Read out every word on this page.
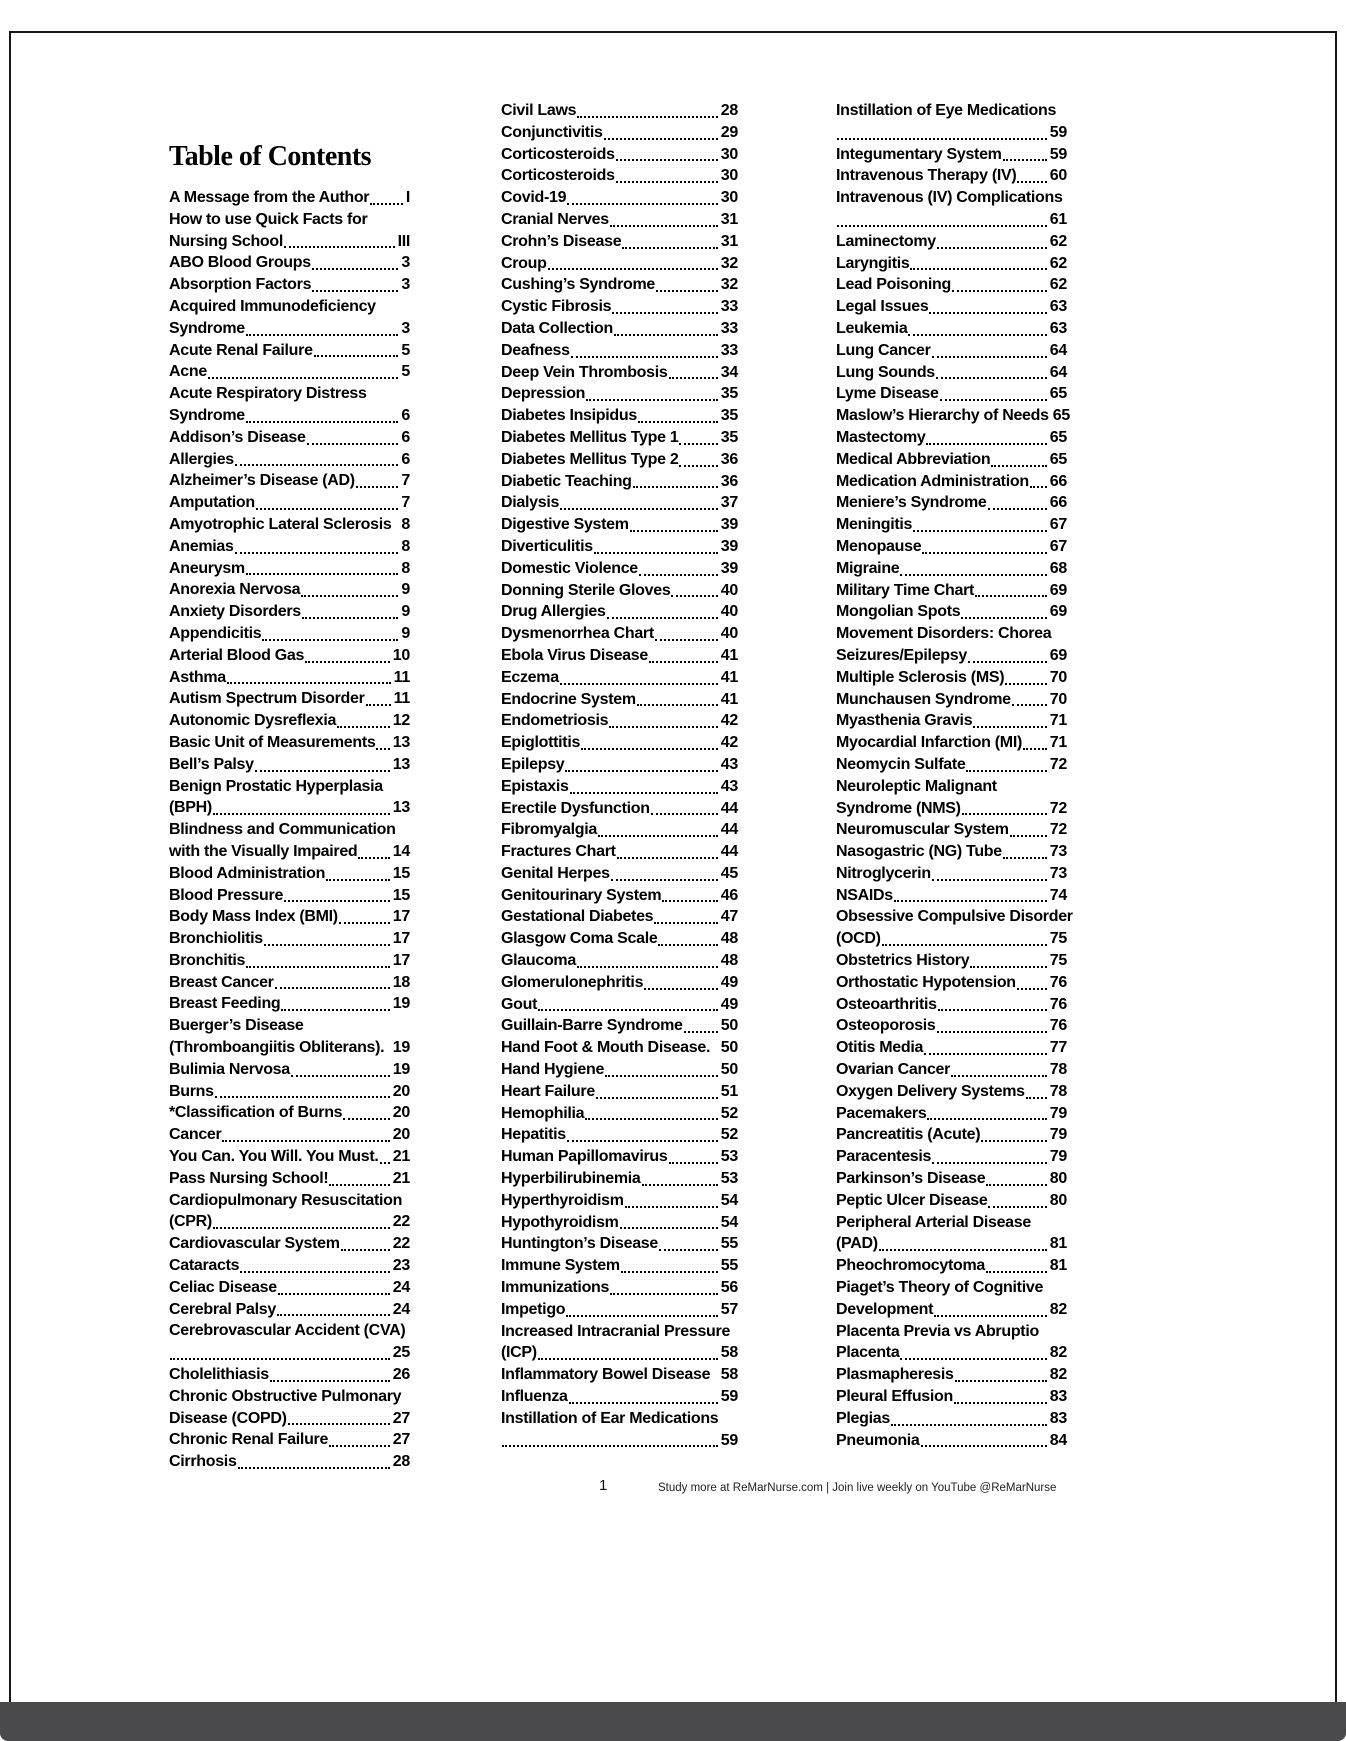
Table of Contents
A Message from the Author I
How to use Quick Facts for
Nursing School	III
ABO Blood Groups	3
Absorption Factors	3
Acquired Immunodeficiency
Syndrome	3
Acute Renal Failure	5
Acne	5
Acute Respiratory Distress
Syndrome	6
Addison’s Disease	6
Allergies	6
Alzheimer’s Disease (AD)	7
Amputation	7
Amyotrophic Lateral Sclerosis 8
Anemias	8
Aneurysm	8
Anorexia Nervosa	9
Anxiety Disorders	9
Appendicitis	9
Arterial Blood Gas	10
Asthma	11
Autism Spectrum Disorder 11
Autonomic Dysreflexia	12
Basic Unit of Measurements 13
Bell’s Palsy	13
Benign Prostatic Hyperplasia
(BPH)	13
Blindness and Communication
with the Visually Impaired 14
Blood Administration	15
Blood Pressure	15
Body Mass Index (BMI)	17
Bronchiolitis	17
Bronchitis	17
Breast Cancer	18
Breast Feeding	19
Buerger’s Disease
(Thromboangiitis Obliterans). 19
Bulimia Nervosa	19
Burns	20
*Classification of Burns	20
Cancer	20
You Can. You Will. You Must. 21
Pass Nursing School!	21
Cardiopulmonary Resuscitation
(CPR)	22
Cardiovascular System	22
Cataracts	23
Celiac Disease	24
Cerebral Palsy	24
Cerebrovascular Accident (CVA)
25
Cholelithiasis	26
Chronic Obstructive Pulmonary
Disease (COPD)	27
Chronic Renal Failure	27
Cirrhosis	28
Civil Laws	28
Conjunctivitis	29
Corticosteroids	30
Corticosteroids	30
Covid-19	30
Cranial Nerves	31
Crohn’s Disease	31
Croup	32
Cushing’s Syndrome	32
Cystic Fibrosis	33
Data Collection	33
Deafness	33
Deep Vein Thrombosis	34
Depression	35
Diabetes Insipidus	35
Diabetes Mellitus Type 1	35
Diabetes Mellitus Type 2	36
Diabetic Teaching	36
Dialysis	37
Digestive System	39
Diverticulitis	39
Domestic Violence	39
Donning Sterile Gloves	40
Drug Allergies	40
Dysmenorrhea Chart	40
Ebola Virus Disease	41
Eczema	41
Endocrine System	41
Endometriosis	42
Epiglottitis	42
Epilepsy	43
Epistaxis	43
Erectile Dysfunction	44
Fibromyalgia	44
Fractures Chart	44
Genital Herpes	45
Genitourinary System	46
Gestational Diabetes	47
Glasgow Coma Scale	48
Glaucoma	48
Glomerulonephritis	49
Gout	49
Guillain-Barre Syndrome 50
Hand Foot & Mouth Disease. 50
Hand Hygiene	50
Heart Failure	51
Hemophilia	52
Hepatitis	52
Human Papillomavirus	53
Hyperbilirubinemia	53
Hyperthyroidism	54
Hypothyroidism	54
Huntington’s Disease	55
Immune System	55
Immunizations	56
Impetigo	57
Increased Intracranial Pressure
(ICP)	58
Inflammatory Bowel Disease 58
Influenza	59
Instillation of Ear Medications
59
Instillation of Eye Medications
59
Integumentary System	59
Intravenous Therapy (IV) 60
Intravenous (IV) Complications
61
Laminectomy	62
Laryngitis	62
Lead Poisoning	62
Legal Issues	63
Leukemia	63
Lung Cancer	64
Lung Sounds	64
Lyme Disease	65
Maslow’s Hierarchy of Needs 65
Mastectomy	65
Medical Abbreviation	65
Medication Administration 66
Meniere’s Syndrome	66
Meningitis	67
Menopause	67
Migraine	68
Military Time Chart	69
Mongolian Spots	69
Movement Disorders: Chorea
Seizures/Epilepsy	69
Multiple Sclerosis (MS)	70
Munchausen Syndrome 70
Myasthenia Gravis	71
Myocardial Infarction (MI) 71
Neomycin Sulfate	72
Neuroleptic Malignant
Syndrome (NMS)	72
Neuromuscular System	72
Nasogastric (NG) Tube	73
Nitroglycerin	73
NSAIDs	74
Obsessive Compulsive Disorder
(OCD)	75
Obstetrics History	75
Orthostatic Hypotension 76
Osteoarthritis	76
Osteoporosis	76
Otitis Media	77
Ovarian Cancer	78
Oxygen Delivery Systems 78
Pacemakers	79
Pancreatitis (Acute)	79
Paracentesis	79
Parkinson’s Disease	80
Peptic Ulcer Disease	80
Peripheral Arterial Disease
(PAD)	81
Pheochromocytoma	81
Piaget’s Theory of Cognitive
Development	82
Placenta Previa vs Abruptio
Placenta	82
Plasmapheresis	82
Pleural Effusion	83
Plegias	83
Pneumonia	84
1	Study more at ReMarNurse.com | Join live weekly on YouTube @ReMarNurse
